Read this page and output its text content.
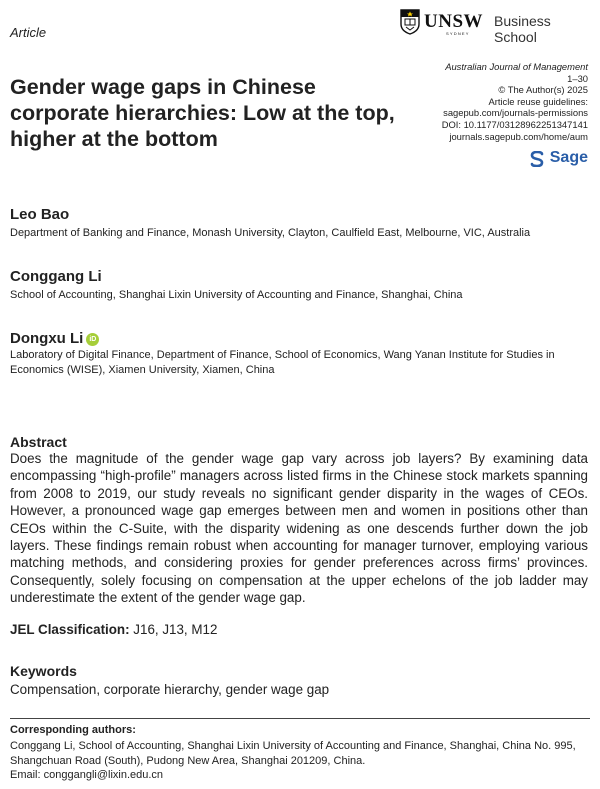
Article
UNSW
SYDNEY
Business School
Gender wage gaps in Chinese corporate hierarchies: Low at the top, higher at the bottom
Australian Journal of Management
1–30
© The Author(s) 2025
Article reuse guidelines:
sagepub.com/journals-permissions
DOI: 10.1177/03128962251347141
journals.sagepub.com/home/aum
Sage
Leo Bao
Department of Banking and Finance, Monash University, Clayton, Caulfield East, Melbourne, VIC, Australia
Conggang Li
School of Accounting, Shanghai Lixin University of Accounting and Finance, Shanghai, China
Dongxu Li iD
Laboratory of Digital Finance, Department of Finance, School of Economics, Wang Yanan Institute for Studies in Economics (WISE), Xiamen University, Xiamen, China
Abstract
Does the magnitude of the gender wage gap vary across job layers? By examining data encompassing “high-profile” managers across listed firms in the Chinese stock markets spanning from 2008 to 2019, our study reveals no significant gender disparity in the wages of CEOs. However, a pronounced wage gap emerges between men and women in positions other than CEOs within the C-Suite, with the disparity widening as one descends further down the job layers. These findings remain robust when accounting for manager turnover, employing various matching methods, and considering proxies for gender preferences across firms’ provinces. Consequently, solely focusing on compensation at the upper echelons of the job ladder may underestimate the extent of the gender wage gap.
JEL Classification: J16, J13, M12
Keywords
Compensation, corporate hierarchy, gender wage gap
Corresponding authors:
Conggang Li, School of Accounting, Shanghai Lixin University of Accounting and Finance, Shanghai, China No. 995,
Shangchuan Road (South), Pudong New Area, Shanghai 201209, China.
Email: conggangli@lixin.edu.cn
